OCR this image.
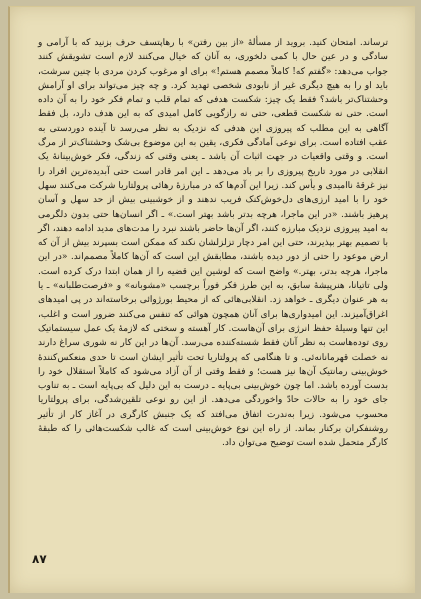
ترساند. امتحان کنید. بروید از مسألهٔ «از بین رفتن» با رهاپتسف حرف بزنید که با آرامی و سادگی و در عین حال با کمی دلخوری، به آنان که خیال می‌کنند لازم است تشویقش کنند جواب می‌دهد: «گفتم که! کاملاً مصمم هستم!» برای او مرغوب کردن مردی با چنین سرشت، باید او را به هیچ دیگری غیر از نابودی شخصی تهدید کرد. و چه چیز می‌تواند برای او آرامش وحشتناک‌تر باشد؟ فقط یک چیز: شکست هدفی که تمام قلب و تمام فکر خود را به آن داده است. حتی نه شکست قطعی، حتی نه رازگویی کامل امیدی که به این هدف دارد، بل فقط آگاهی به این مطلب که پیروزی این هدفی که نزدیک به نظر می‌رسد تا آینده دوردستی به عقب افتاده است. برای نوعی آمادگی فکری، یقین به این موضوع بی‌شک وحشتناک‌تر از مرگ است. و وقتی واقعیات در جهت اثبات آن باشد ـ یعنی وقتی که زندگی، فکر خوش‌بینانهٔ یک انقلابی در مورد تاریخ پیروزی را بر باد می‌دهد ـ این امر قادر است حتی آبدیده‌ترین افراد را نیز غرقهٔ ناامیدی و یأس کند. زیرا این آدم‌ها که در مبارزهٔ رهائی پرولتاریا شرکت می‌کنند سهل خود را با امید ارزی‌های دل‌خوش‌کنک فریب ندهند و از خوشبینی بیش از حد سهل و آسان پرهیز باشند. «در این ماجرا، هرچه بدتر باشد بهتر است.» ـ اگر انسان‌ها حتی بدون دلگرمی به امید پیروزی نزدیک مبارزه کنند، اگر آن‌ها حاضر باشند نبرد را مدت‌های مدید ادامه دهند، اگر با تصمیم بهتر بپذیرند، حتی این امر دچار تزلزلشان نکند که ممکن است بسپرند بیش از آن که ارض موعود را حتی از دور دیده باشند، مطابقش این است که آن‌ها کاملاً مصمم‌اند. «در این ماجرا، هرچه بدتر، بهتر.» واضح است که لوشین این قضیه را از همان ابتدا درک کرده است. ولی تاتیانا، هنرپیشهٔ سابق، به این طرز فکر فوراً برچسب «مشوبانه» و «فرصت‌طلبانه» ـ یا به هر عنوان دیگری ـ خواهد زد. انقلابی‌هائی که از محیط بورژوائی برخاسته‌اند در پی امیدهای اغراق‌آمیزند. این امیدواری‌ها برای آنان همچون هوائی که تنفس می‌کنند ضرور است و اغلب، این تنها وسیلهٔ حفظ انرژی برای آن‌هاست. کار آهسته و سختی که لازمهٔ یک عمل سیستماتیک روی توده‌هاست به نظر آنان فقط شسته‌کننده می‌رسد. آن‌ها در این کار نه شوری سراغ دارند نه خصلت قهرمانانه‌ئی. و تا هنگامی که پرولتاریا تحت تأثیر ایشان است تا حدی منعکس‌کنندهٔ خوش‌بینی رمانتیک آن‌ها نیز هست؛ و فقط وقتی از آن آزاد می‌شود که کاملاً استقلال خود را بدست آورده باشد. اما چون خوش‌بینی بی‌پایه ـ درست به این دلیل که بی‌پایه است ـ به تناوب جای خود را به حالات حادّ واخوردگی می‌دهد. از این رو نوعی تلقین‌شدگی، برای پرولتاریا محسوب می‌شود. زیرا به‌ندرت اتفاق می‌افتد که یک جنبش کارگری در آغاز کار از تأثیر روشنفکران برکنار بماند. از راه این نوع خوش‌بینی است که غالب شکست‌هائی را که طبقهٔ کارگر متحمل شده است توضیح می‌توان داد.

۸۷
